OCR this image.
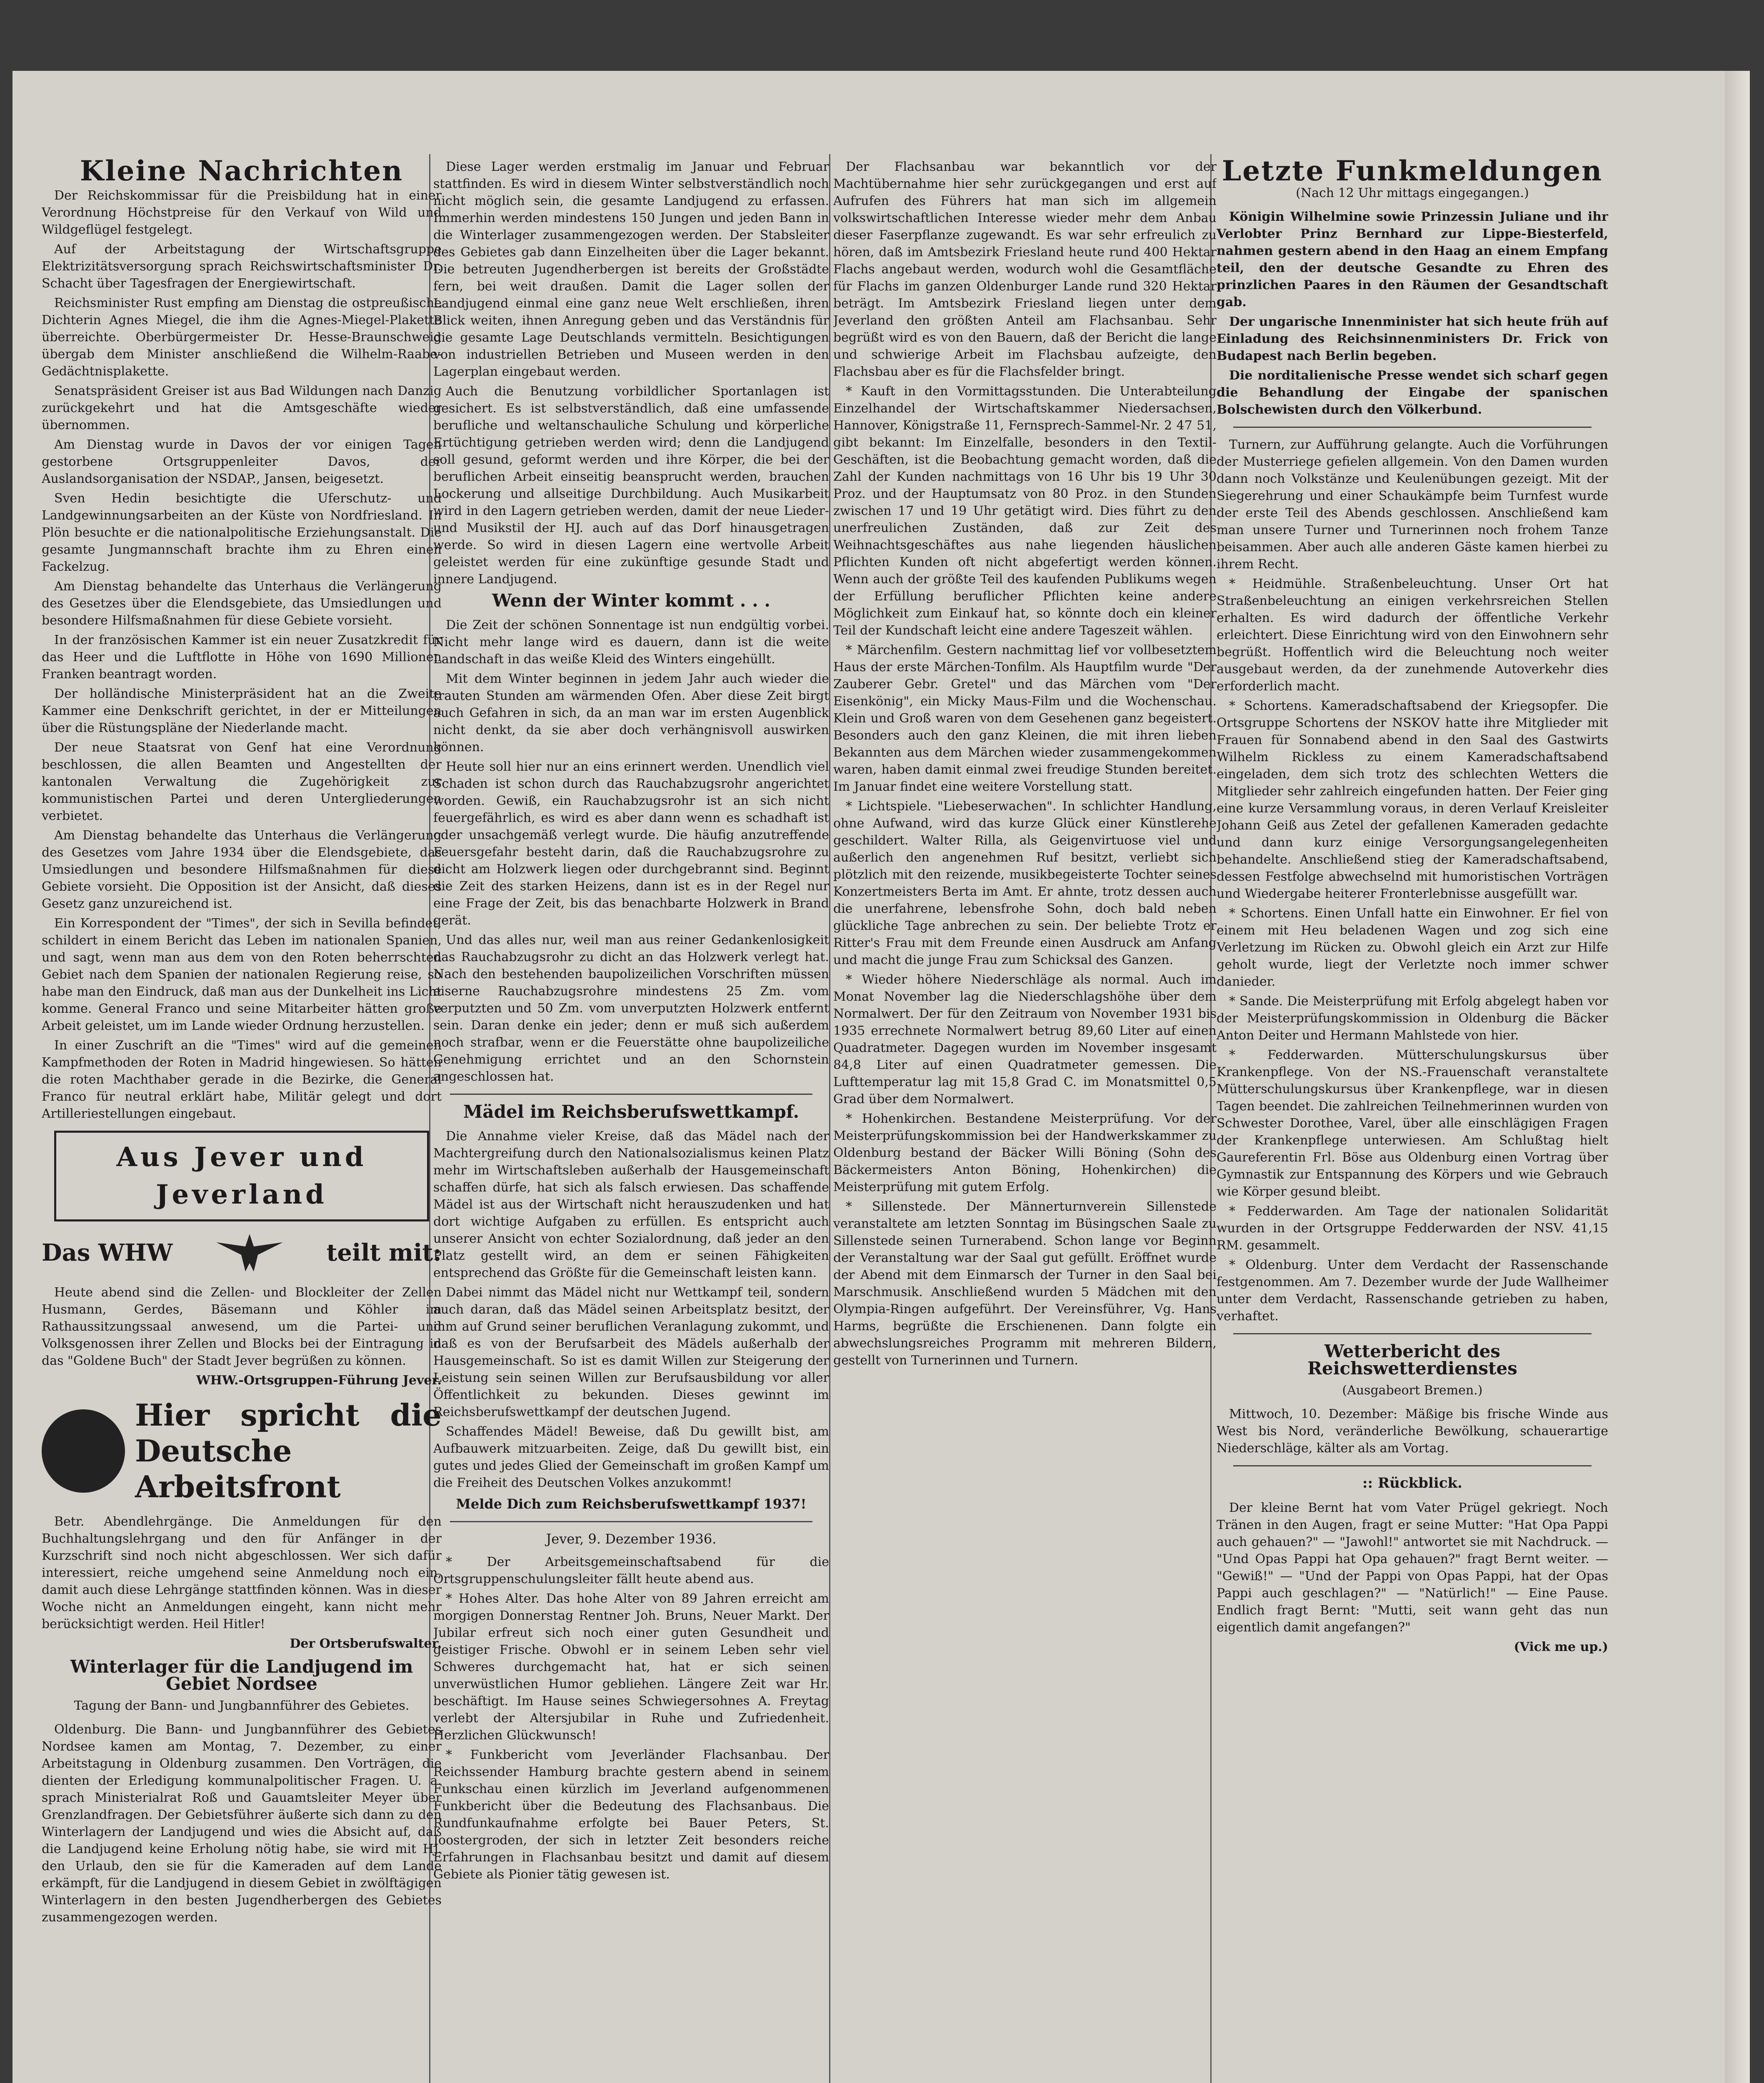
Kleine Nachrichten

Der Reichskommissar für die Preisbildung hat in einer Verordnung Höchstpreise für den Verkauf von Wild und Wildgeflügel festgelegt.

Auf der Arbeitstagung der Wirtschaftsgruppe Elektrizitätsversorgung sprach Reichswirtschaftsminister Dr. Schacht über Tagesfragen der Energiewirtschaft.

Reichsminister Rust empfing am Dienstag die ostpreußische Dichterin Agnes Miegel, die ihm die Agnes-Miegel-Plakette überreichte. Oberbürgermeister Dr. Hesse-Braunschweig übergab dem Minister anschließend die Wilhelm-Raabe-Gedächtnisplakette.

Senatspräsident Greiser ist aus Bad Wildungen nach Danzig zurückgekehrt und hat die Amtsgeschäfte wieder übernommen.

Am Dienstag wurde in Davos der vor einigen Tagen gestorbene Ortsgruppenleiter Davos, der Auslandsorganisation der NSDAP., Jansen, beigesetzt.

Sven Hedin besichtigte die Uferschutz- und Landgewinnungsarbeiten an der Küste von Nordfriesland. In Plön besuchte er die nationalpolitische Erziehungsanstalt. Die gesamte Jungmannschaft brachte ihm zu Ehren einen Fackelzug.

Am Dienstag behandelte das Unterhaus die Verlängerung des Gesetzes über die Elendsgebiete, das Umsiedlungen und besondere Hilfsmaßnahmen für diese Gebiete vorsieht.

In der französischen Kammer ist ein neuer Zusatzkredit für das Heer und die Luftflotte in Höhe von 1690 Millionen Franken beantragt worden.

Der holländische Ministerpräsident hat an die Zweite Kammer eine Denkschrift gerichtet, in der er Mitteilungen über die Rüstungspläne der Niederlande macht.

Der neue Staatsrat von Genf hat eine Verordnung beschlossen, die allen Beamten und Angestellten der kantonalen Verwaltung die Zugehörigkeit zur kommunistischen Partei und deren Untergliederungen verbietet.

Am Dienstag behandelte das Unterhaus die Verlängerung des Gesetzes vom Jahre 1934 über die Elendsgebiete, das Umsiedlungen und besondere Hilfsmaßnahmen für diese Gebiete vorsieht. Die Opposition ist der Ansicht, daß dieses Gesetz ganz unzureichend ist.

Ein Korrespondent der "Times", der sich in Sevilla befindet, schildert in einem Bericht das Leben im nationalen Spanien, und sagt, wenn man aus dem von den Roten beherrschten Gebiet nach dem Spanien der nationalen Regierung reise, so habe man den Eindruck, daß man aus der Dunkelheit ins Licht komme. General Franco und seine Mitarbeiter hätten große Arbeit geleistet, um im Lande wieder Ordnung herzustellen.

In einer Zuschrift an die "Times" wird auf die gemeinen Kampfmethoden der Roten in Madrid hingewiesen. So hätten die roten Machthaber gerade in die Bezirke, die General Franco für neutral erklärt habe, Militär gelegt und dort Artilleriestellungen eingebaut.

Aus Jever und Jeverland
Das WHW	teilt mit:

Heute abend sind die Zellen- und Blockleiter der Zellen Husmann, Gerdes, Bäsemann und Köhler im Rathaussitzungssaal anwesend, um die Partei- und Volksgenossen ihrer Zellen und Blocks bei der Eintragung in das "Goldene Buch" der Stadt Jever begrüßen zu können.

WHW.-Ortsgruppen-Führung Jever.
Hier spricht die Deutsche Arbeitsfront

Betr. Abendlehrgänge. Die Anmeldungen für den Buchhaltungslehrgang und den für Anfänger in der Kurzschrift sind noch nicht abgeschlossen. Wer sich dafür interessiert, reiche umgehend seine Anmeldung noch ein, damit auch diese Lehrgänge stattfinden können. Was in dieser Woche nicht an Anmeldungen eingeht, kann nicht mehr berücksichtigt werden. Heil Hitler!

Der Ortsberufswalter.
Winterlager für die Landjugend im Gebiet Nordsee
Tagung der Bann- und Jungbannführer des Gebietes.

Oldenburg. Die Bann- und Jungbannführer des Gebietes Nordsee kamen am Montag, 7. Dezember, zu einer Arbeitstagung in Oldenburg zusammen. Den Vorträgen, die dienten der Erledigung kommunalpolitischer Fragen. U. a. sprach Ministerialrat Roß und Gauamtsleiter Meyer über Grenzlandfragen. Der Gebietsführer äußerte sich dann zu den Winterlagern der Landjugend und wies die Absicht auf, daß die Landjugend keine Erholung nötig habe, sie wird mit HJ. den Urlaub, den sie für die Kameraden auf dem Lande erkämpft, für die Landjugend in diesem Gebiet in zwölftägigen Winterlagern in den besten Jugendherbergen des Gebietes zusammengezogen werden.

Diese Lager werden erstmalig im Januar und Februar stattfinden. Es wird in diesem Winter selbstverständlich noch nicht möglich sein, die gesamte Landjugend zu erfassen. Immerhin werden mindestens 150 Jungen und jeden Bann in die Winterlager zusammengezogen werden. Der Stabsleiter des Gebietes gab dann Einzelheiten über die Lager bekannt. Die betreuten Jugendherbergen ist bereits der Großstädte fern, bei weit draußen. Damit die Lager sollen der Landjugend einmal eine ganz neue Welt erschließen, ihren Blick weiten, ihnen Anregung geben und das Verständnis für die gesamte Lage Deutschlands vermitteln. Besichtigungen von industriellen Betrieben und Museen werden in den Lagerplan eingebaut werden.

Auch die Benutzung vorbildlicher Sportanlagen ist gesichert. Es ist selbstverständlich, daß eine umfassende berufliche und weltanschauliche Schulung und körperliche Ertüchtigung getrieben werden wird; denn die Landjugend soll gesund, geformt werden und ihre Körper, die bei der beruflichen Arbeit einseitig beansprucht werden, brauchen Lockerung und allseitige Durchbildung. Auch Musikarbeit wird in den Lagern getrieben werden, damit der neue Lieder- und Musikstil der HJ. auch auf das Dorf hinausgetragen werde. So wird in diesen Lagern eine wertvolle Arbeit geleistet werden für eine zukünftige gesunde Stadt und innere Landjugend.

Wenn der Winter kommt . . .

Die Zeit der schönen Sonnentage ist nun endgültig vorbei. Nicht mehr lange wird es dauern, dann ist die weite Landschaft in das weiße Kleid des Winters eingehüllt.

Mit dem Winter beginnen in jedem Jahr auch wieder die trauten Stunden am wärmenden Ofen. Aber diese Zeit birgt auch Gefahren in sich, da an man war im ersten Augenblick nicht denkt, da sie aber doch verhängnisvoll auswirken können.

Heute soll hier nur an eins erinnert werden. Unendlich viel Schaden ist schon durch das Rauchabzugsrohr angerichtet worden. Gewiß, ein Rauchabzugsrohr ist an sich nicht feuergefährlich, es wird es aber dann wenn es schadhaft ist oder unsachgemäß verlegt wurde. Die häufig anzutreffende Feuersgefahr besteht darin, daß die Rauchabzugsrohre zu dicht am Holzwerk liegen oder durchgebrannt sind. Beginnt die Zeit des starken Heizens, dann ist es in der Regel nur eine Frage der Zeit, bis das benachbarte Holzwerk in Brand gerät.

Und das alles nur, weil man aus reiner Gedankenlosigkeit das Rauchabzugsrohr zu dicht an das Holzwerk verlegt hat. Nach den bestehenden baupolizeilichen Vorschriften müssen eiserne Rauchabzugsrohre mindestens 25 Zm. vom verputzten und 50 Zm. vom unverputzten Holzwerk entfernt sein. Daran denke ein jeder; denn er muß sich außerdem noch strafbar, wenn er die Feuerstätte ohne baupolizeiliche Genehmigung errichtet und an den Schornstein angeschlossen hat.

Mädel im Reichsberufswettkampf.

Die Annahme vieler Kreise, daß das Mädel nach der Machtergreifung durch den Nationalsozialismus keinen Platz mehr im Wirtschaftsleben außerhalb der Hausgemeinschaft schaffen dürfe, hat sich als falsch erwiesen. Das schaffende Mädel ist aus der Wirtschaft nicht herauszudenken und hat dort wichtige Aufgaben zu erfüllen. Es entspricht auch unserer Ansicht von echter Sozialordnung, daß jeder an den Platz gestellt wird, an dem er seinen Fähigkeiten entsprechend das Größte für die Gemeinschaft leisten kann.

Dabei nimmt das Mädel nicht nur Wettkampf teil, sondern auch daran, daß das Mädel seinen Arbeitsplatz besitzt, der ihm auf Grund seiner beruflichen Veranlagung zukommt, und daß es von der Berufsarbeit des Mädels außerhalb der Hausgemeinschaft. So ist es damit Willen zur Steigerung der Leistung sein seinen Willen zur Berufsausbildung vor aller Öffentlichkeit zu bekunden. Dieses gewinnt im Reichsberufswettkampf der deutschen Jugend.

Schaffendes Mädel! Beweise, daß Du gewillt bist, am Aufbauwerk mitzuarbeiten. Zeige, daß Du gewillt bist, ein gutes und jedes Glied der Gemeinschaft im großen Kampf um die Freiheit des Deutschen Volkes anzukommt!

Melde Dich zum Reichsberufswettkampf 1937!
Jever, 9. Dezember 1936.

* Der Arbeitsgemeinschaftsabend für die Ortsgruppenschulungsleiter fällt heute abend aus.

* Hohes Alter. Das hohe Alter von 89 Jahren erreicht am morgigen Donnerstag Rentner Joh. Bruns, Neuer Markt. Der Jubilar erfreut sich noch einer guten Gesundheit und geistiger Frische. Obwohl er in seinem Leben sehr viel Schweres durchgemacht hat, hat er sich seinen unverwüstlichen Humor gebliehen. Längere Zeit war Hr. beschäftigt. Im Hause seines Schwiegersohnes A. Freytag verlebt der Altersjubilar in Ruhe und Zufriedenheit. Herzlichen Glückwunsch!

* Funkbericht vom Jeverländer Flachsanbau. Der Reichssender Hamburg brachte gestern abend in seinem Funkschau einen kürzlich im Jeverland aufgenommenen Funkbericht über die Bedeutung des Flachsanbaus. Die Rundfunkaufnahme erfolgte bei Bauer Peters, St. Joostergroden, der sich in letzter Zeit besonders reiche Erfahrungen in Flachsanbau besitzt und damit auf diesem Gebiete als Pionier tätig gewesen ist.

Der Flachsanbau war bekanntlich vor der Machtübernahme hier sehr zurückgegangen und erst auf Aufrufen des Führers hat man sich im allgemein volkswirtschaftlichen Interesse wieder mehr dem Anbau dieser Faserpflanze zugewandt. Es war sehr erfreulich zu hören, daß im Amtsbezirk Friesland heute rund 400 Hektar Flachs angebaut werden, wodurch wohl die Gesamtfläche für Flachs im ganzen Oldenburger Lande rund 320 Hektar beträgt. Im Amtsbezirk Friesland liegen unter dem Jeverland den größten Anteil am Flachsanbau. Sehr begrüßt wird es von den Bauern, daß der Bericht die lange und schwierige Arbeit im Flachsbau aufzeigte, den Flachsbau aber es für die Flachsfelder bringt.

* Kauft in den Vormittagsstunden. Die Unterabteilung Einzelhandel der Wirtschaftskammer Niedersachsen, Hannover, Königstraße 11, Fernsprech-Sammel-Nr. 2 47 51, gibt bekannt: Im Einzelfalle, besonders in den Textil-Geschäften, ist die Beobachtung gemacht worden, daß die Zahl der Kunden nachmittags von 16 Uhr bis 19 Uhr 30 Proz. und der Hauptumsatz von 80 Proz. in den Stunden zwischen 17 und 19 Uhr getätigt wird. Dies führt zu den unerfreulichen Zuständen, daß zur Zeit des Weihnachtsgeschäftes aus nahe liegenden häuslichen Pflichten Kunden oft nicht abgefertigt werden können. Wenn auch der größte Teil des kaufenden Publikums wegen der Erfüllung beruflicher Pflichten keine andere Möglichkeit zum Einkauf hat, so könnte doch ein kleiner Teil der Kundschaft leicht eine andere Tageszeit wählen.

* Märchenfilm. Gestern nachmittag lief vor vollbesetztem Haus der erste Märchen-Tonfilm. Als Hauptfilm wurde "Der Zauberer Gebr. Gretel" und das Märchen vom "Der Eisenkönig", ein Micky Maus-Film und die Wochenschau. Klein und Groß waren von dem Gesehenen ganz begeistert. Besonders auch den ganz Kleinen, die mit ihren lieben Bekannten aus dem Märchen wieder zusammengekommen waren, haben damit einmal zwei freudige Stunden bereitet. Im Januar findet eine weitere Vorstellung statt.

* Lichtspiele. "Liebeserwachen". In schlichter Handlung, ohne Aufwand, wird das kurze Glück einer Künstlerehe geschildert. Walter Rilla, als Geigenvirtuose viel und außerlich den angenehmen Ruf besitzt, verliebt sich plötzlich mit den reizende, musikbegeisterte Tochter seines Konzertmeisters Berta im Amt. Er ahnte, trotz dessen auch die unerfahrene, lebensfrohe Sohn, doch bald neben glückliche Tage anbrechen zu sein. Der beliebte Trotz er Ritter's Frau mit dem Freunde einen Ausdruck am Anfang und macht die junge Frau zum Schicksal des Ganzen.

* Wieder höhere Niederschläge als normal. Auch im Monat November lag die Niederschlagshöhe über dem Normalwert. Der für den Zeitraum von November 1931 bis 1935 errechnete Normalwert betrug 89,60 Liter auf einen Quadratmeter. Dagegen wurden im November insgesamt 84,8 Liter auf einen Quadratmeter gemessen. Die Lufttemperatur lag mit 15,8 Grad C. im Monatsmittel 0,5 Grad über dem Normalwert.

* Hohenkirchen. Bestandene Meisterprüfung. Vor der Meisterprüfungskommission bei der Handwerkskammer zu Oldenburg bestand der Bäcker Willi Böning (Sohn des Bäckermeisters Anton Böning, Hohenkirchen) die Meisterprüfung mit gutem Erfolg.

* Sillenstede. Der Männerturnverein Sillenstede veranstaltete am letzten Sonntag im Büsingschen Saale zu Sillenstede seinen Turnerabend. Schon lange vor Beginn der Veranstaltung war der Saal gut gefüllt. Eröffnet wurde der Abend mit dem Einmarsch der Turner in den Saal bei Marschmusik. Anschließend wurden 5 Mädchen mit den Olympia-Ringen aufgeführt. Der Vereinsführer, Vg. Hans Harms, begrüßte die Erschienenen. Dann folgte ein abwechslungsreiches Programm mit mehreren Bildern, gestellt von Turnerinnen und Turnern.

Letzte Funkmeldungen
(Nach 12 Uhr mittags eingegangen.)

Königin Wilhelmine sowie Prinzessin Juliane und ihr Verlobter Prinz Bernhard zur Lippe-Biesterfeld, nahmen gestern abend in den Haag an einem Empfang teil, den der deutsche Gesandte zu Ehren des prinzlichen Paares in den Räumen der Gesandtschaft gab.

Der ungarische Innenminister hat sich heute früh auf Einladung des Reichsinnenministers Dr. Frick von Budapest nach Berlin begeben.

Die norditalienische Presse wendet sich scharf gegen die Behandlung der Eingabe der spanischen Bolschewisten durch den Völkerbund.

Turnern, zur Aufführung gelangte. Auch die Vorführungen der Musterriege gefielen allgemein. Von den Damen wurden dann noch Volkstänze und Keulenübungen gezeigt. Mit der Siegerehrung und einer Schaukämpfe beim Turnfest wurde der erste Teil des Abends geschlossen. Anschließend kam man unsere Turner und Turnerinnen noch frohem Tanze beisammen. Aber auch alle anderen Gäste kamen hierbei zu ihrem Recht.

* Heidmühle. Straßenbeleuchtung. Unser Ort hat Straßenbeleuchtung an einigen verkehrsreichen Stellen erhalten. Es wird dadurch der öffentliche Verkehr erleichtert. Diese Einrichtung wird von den Einwohnern sehr begrüßt. Hoffentlich wird die Beleuchtung noch weiter ausgebaut werden, da der zunehmende Autoverkehr dies erforderlich macht.

* Schortens. Kameradschaftsabend der Kriegsopfer. Die Ortsgruppe Schortens der NSKOV hatte ihre Mitglieder mit Frauen für Sonnabend abend in den Saal des Gastwirts Wilhelm Rickless zu einem Kameradschaftsabend eingeladen, dem sich trotz des schlechten Wetters die Mitglieder sehr zahlreich eingefunden hatten. Der Feier ging eine kurze Versammlung voraus, in deren Verlauf Kreisleiter Johann Geiß aus Zetel der gefallenen Kameraden gedachte und dann kurz einige Versorgungsangelegenheiten behandelte. Anschließend stieg der Kameradschaftsabend, dessen Festfolge abwechselnd mit humoristischen Vorträgen und Wiedergabe heiterer Fronterlebnisse ausgefüllt war.

* Schortens. Einen Unfall hatte ein Einwohner. Er fiel von einem mit Heu beladenen Wagen und zog sich eine Verletzung im Rücken zu. Obwohl gleich ein Arzt zur Hilfe geholt wurde, liegt der Verletzte noch immer schwer danieder.

* Sande. Die Meisterprüfung mit Erfolg abgelegt haben vor der Meisterprüfungskommission in Oldenburg die Bäcker Anton Deiter und Hermann Mahlstede von hier.

* Fedderwarden. Mütterschulungskursus über Krankenpflege. Von der NS.-Frauenschaft veranstaltete Mütterschulungskursus über Krankenpflege, war in diesen Tagen beendet. Die zahlreichen Teilnehmerinnen wurden von Schwester Dorothee, Varel, über alle einschlägigen Fragen der Krankenpflege unterwiesen. Am Schlußtag hielt Gaureferentin Frl. Böse aus Oldenburg einen Vortrag über Gymnastik zur Entspannung des Körpers und wie Gebrauch wie Körper gesund bleibt.

* Fedderwarden. Am Tage der nationalen Solidarität wurden in der Ortsgruppe Fedderwarden der NSV. 41,15 RM. gesammelt.

* Oldenburg. Unter dem Verdacht der Rassenschande festgenommen. Am 7. Dezember wurde der Jude Wallheimer unter dem Verdacht, Rassenschande getrieben zu haben, verhaftet.

Wetterbericht des Reichswetterdienstes
(Ausgabeort Bremen.)

Mittwoch, 10. Dezember: Mäßige bis frische Winde aus West bis Nord, veränderliche Bewölkung, schauerartige Niederschläge, kälter als am Vortag.

:: Rückblick.

Der kleine Bernt hat vom Vater Prügel gekriegt. Noch Tränen in den Augen, fragt er seine Mutter: "Hat Opa Pappi auch gehauen?" — "Jawohl!" antwortet sie mit Nachdruck. — "Und Opas Pappi hat Opa gehauen?" fragt Bernt weiter. — "Gewiß!" — "Und der Pappi von Opas Pappi, hat der Opas Pappi auch geschlagen?" — "Natürlich!" — Eine Pause. Endlich fragt Bernt: "Mutti, seit wann geht das nun eigentlich damit angefangen?"

(Vick me up.)
